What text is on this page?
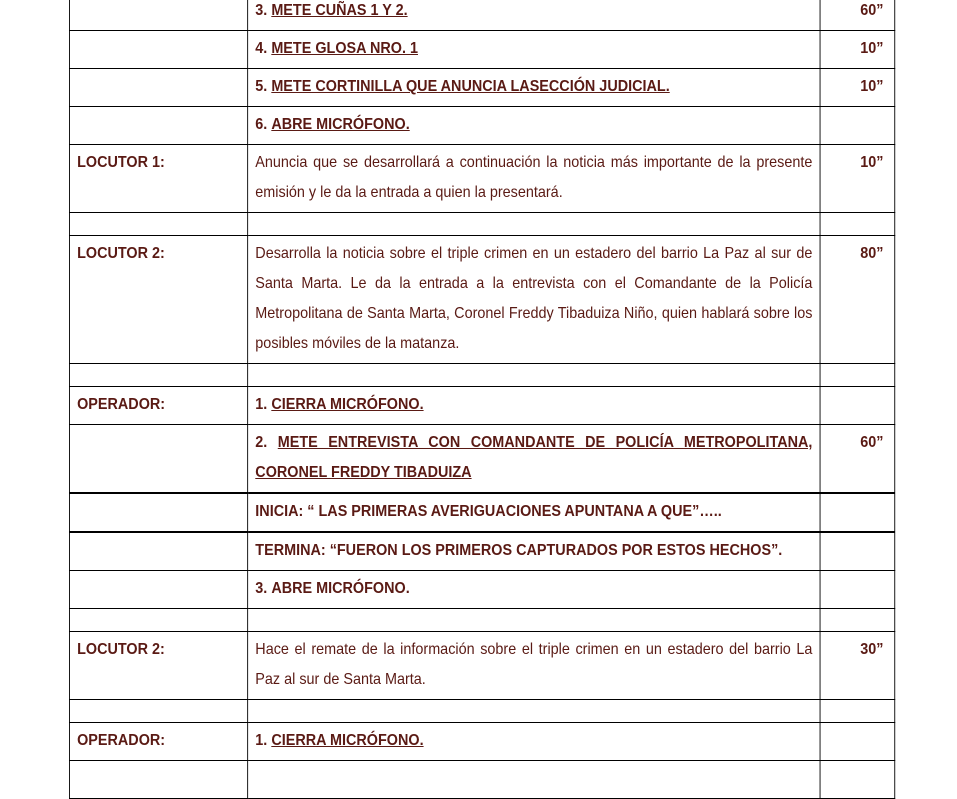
	3. METE CUÑAS 1 Y 2.	60”
	4. METE GLOSA NRO. 1	10”
	5. METE CORTINILLA QUE ANUNCIA LASECCIÓN JUDICIAL.	10”
	6. ABRE MICRÓFONO.	
LOCUTOR 1:	Anuncia que se desarrollará a continuación la noticia más importante de la presente emisión y le da la entrada a quien la presentará.	10”

LOCUTOR 2:	Desarrolla la noticia sobre el triple crimen en un estadero del barrio La Paz al sur de Santa Marta. Le da la entrada a la entrevista con el Comandante de la Policía Metropolitana de Santa Marta, Coronel Freddy Tibaduiza Niño, quien hablará sobre los posibles móviles de la matanza.	80”

OPERADOR:	1. CIERRA MICRÓFONO.	
	2. METE ENTREVISTA CON COMANDANTE DE POLICÍA METROPOLITANA, CORONEL FREDDY TIBADUIZA	60”
	INICIA: “ LAS PRIMERAS AVERIGUACIONES APUNTANA A QUE”…..	
	TERMINA: “FUERON LOS PRIMEROS CAPTURADOS POR ESTOS HECHOS”.	
	3. ABRE MICRÓFONO.	

LOCUTOR 2:	Hace el remate de la información sobre el triple crimen en un estadero del barrio La Paz al sur de Santa Marta.	30”

OPERADOR:	1. CIERRA MICRÓFONO.	
